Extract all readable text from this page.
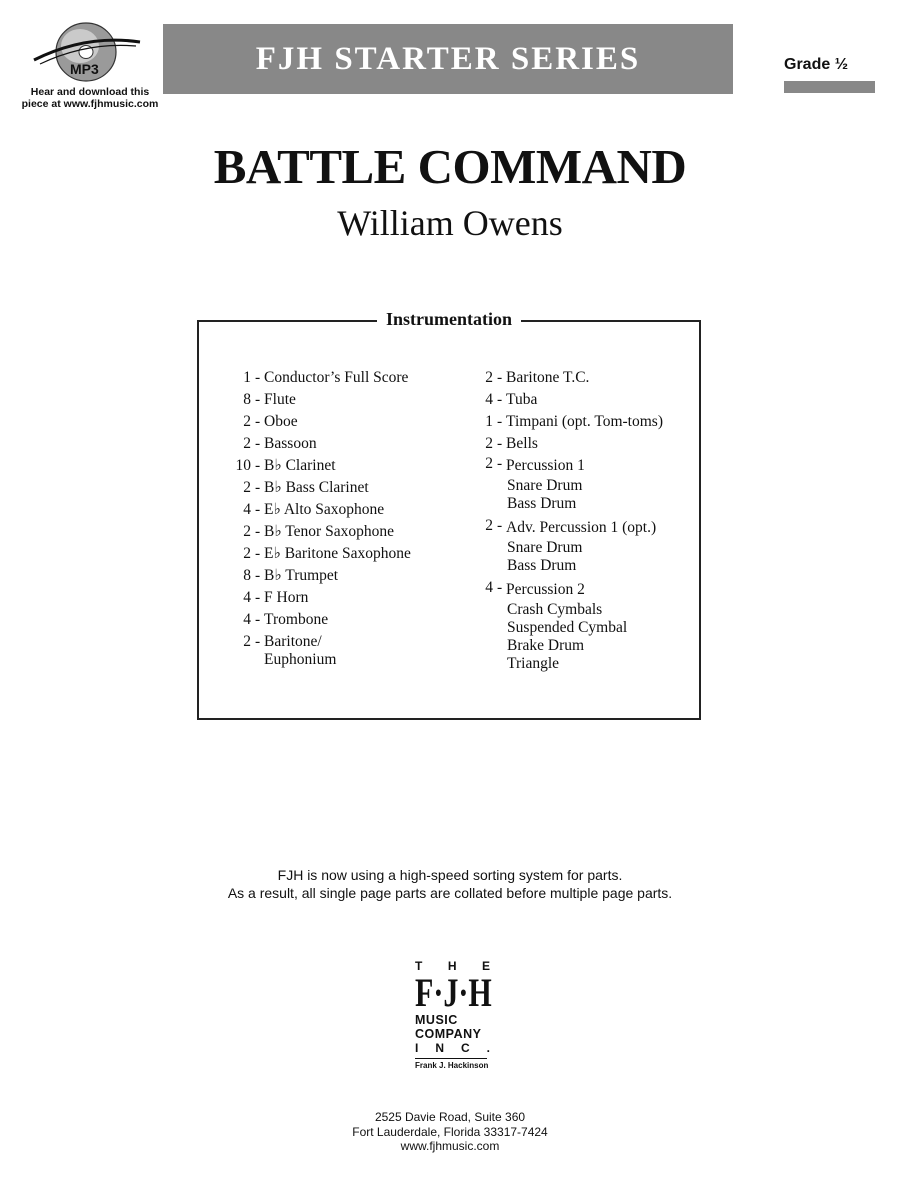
MP3
Hear and download this
piece at www.fjhmusic.com
FJH STARTER SERIES	Grade ½
BATTLE COMMAND
William Owens
Instrumentation
1 - Conductor’s Full Score
8 - Flute
2 - Oboe
2 - Bassoon
10 - B♭ Clarinet
2 - B♭ Bass Clarinet
4 - E♭ Alto Saxophone
2 - B♭ Tenor Saxophone
2 - E♭ Baritone Saxophone
8 - B♭ Trumpet
4 - F Horn
4 - Trombone
2 - Baritone/
Euphonium
2 - Baritone T.C.
4 - Tuba
1 - Timpani (opt. Tom-toms)
2 - Bells
2 - Percussion 1
Snare Drum
Bass Drum
2 - Adv. Percussion 1 (opt.)
Snare Drum
Bass Drum
4 - Percussion 2
Crash Cymbals
Suspended Cymbal
Brake Drum
Triangle
FJH is now using a high-speed sorting system for parts.
As a result, all single page parts are collated before multiple page parts.
T H E
F · J · H
MUSIC
COMPANY
I N C .
Frank J. Hackinson
2525 Davie Road, Suite 360
Fort Lauderdale, Florida 33317-7424
www.fjhmusic.com
